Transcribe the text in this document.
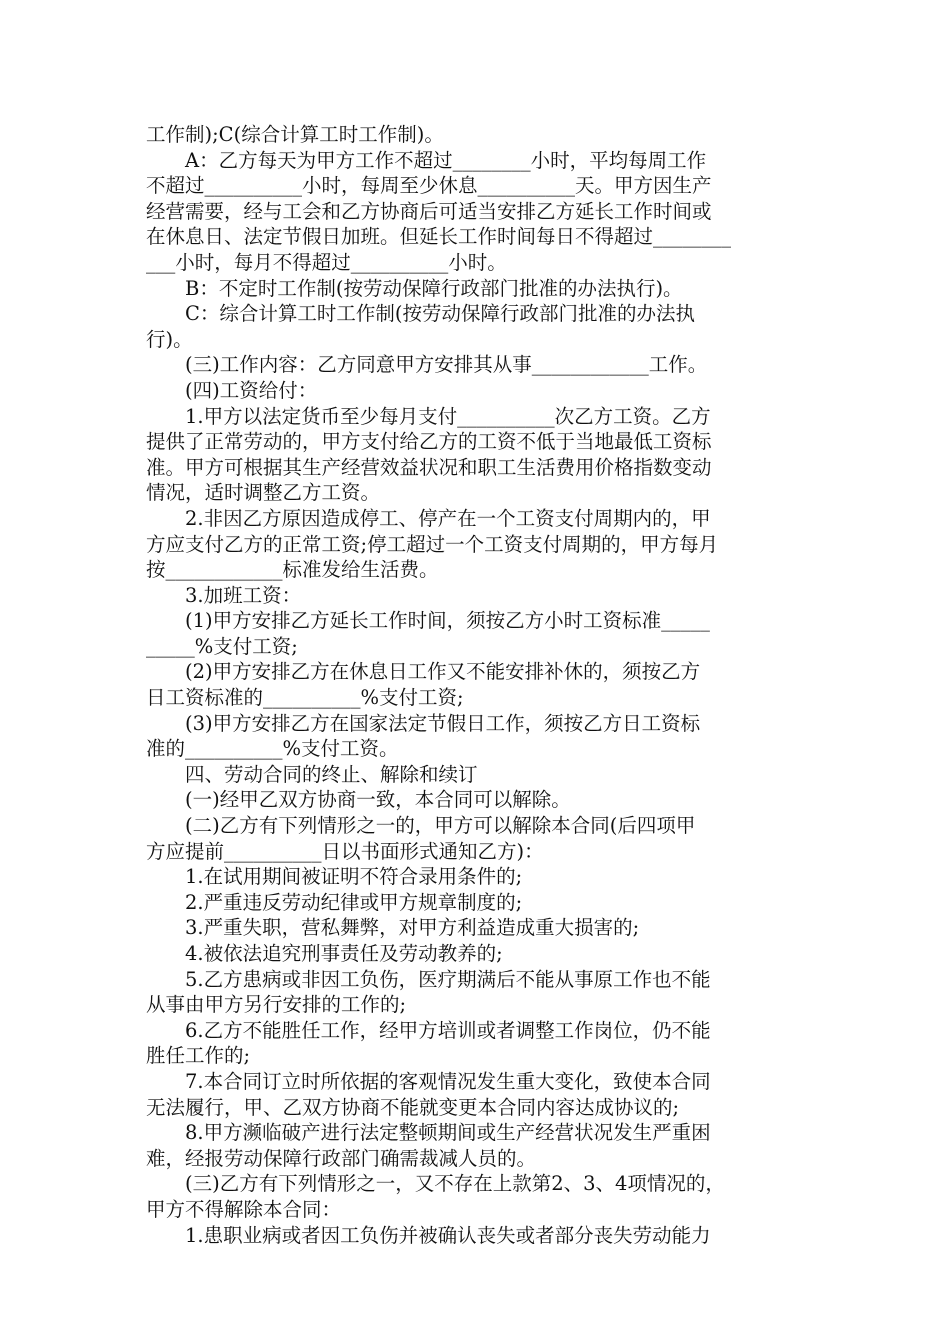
工作制);C(综合计算工时工作制)。
　　A：乙方每天为甲方工作不超过________小时，平均每周工作
不超过__________小时，每周至少休息__________天。甲方因生产
经营需要，经与工会和乙方协商后可适当安排乙方延长工作时间或
在休息日、法定节假日加班。但延长工作时间每日不得超过________
___小时，每月不得超过__________小时。
　　B：不定时工作制(按劳动保障行政部门批准的办法执行)。
　　C：综合计算工时工作制(按劳动保障行政部门批准的办法执
行)。
　　(三)工作内容：乙方同意甲方安排其从事____________工作。
　　(四)工资给付：
　　1.甲方以法定货币至少每月支付__________次乙方工资。乙方
提供了正常劳动的，甲方支付给乙方的工资不低于当地最低工资标
准。甲方可根据其生产经营效益状况和职工生活费用价格指数变动
情况，适时调整乙方工资。
　　2.非因乙方原因造成停工、停产在一个工资支付周期内的，甲
方应支付乙方的正常工资;停工超过一个工资支付周期的，甲方每月
按____________标准发给生活费。
　　3.加班工资：
　　(1)甲方安排乙方延长工作时间，须按乙方小时工资标准_____
_____%支付工资;
　　(2)甲方安排乙方在休息日工作又不能安排补休的，须按乙方
日工资标准的__________%支付工资;
　　(3)甲方安排乙方在国家法定节假日工作，须按乙方日工资标
准的__________%支付工资。
　　四、劳动合同的终止、解除和续订
　　(一)经甲乙双方协商一致，本合同可以解除。
　　(二)乙方有下列情形之一的，甲方可以解除本合同(后四项甲
方应提前__________日以书面形式通知乙方)：
　　1.在试用期间被证明不符合录用条件的;
　　2.严重违反劳动纪律或甲方规章制度的;
　　3.严重失职，营私舞弊，对甲方利益造成重大损害的;
　　4.被依法追究刑事责任及劳动教养的;
　　5.乙方患病或非因工负伤，医疗期满后不能从事原工作也不能
从事由甲方另行安排的工作的;
　　6.乙方不能胜任工作，经甲方培训或者调整工作岗位，仍不能
胜任工作的;
　　7.本合同订立时所依据的客观情况发生重大变化，致使本合同
无法履行，甲、乙双方协商不能就变更本合同内容达成协议的;
　　8.甲方濒临破产进行法定整顿期间或生产经营状况发生严重困
难，经报劳动保障行政部门确需裁减人员的。
　　(三)乙方有下列情形之一，又不存在上款第2、3、4项情况的，
甲方不得解除本合同：
　　1.患职业病或者因工负伤并被确认丧失或者部分丧失劳动能力
